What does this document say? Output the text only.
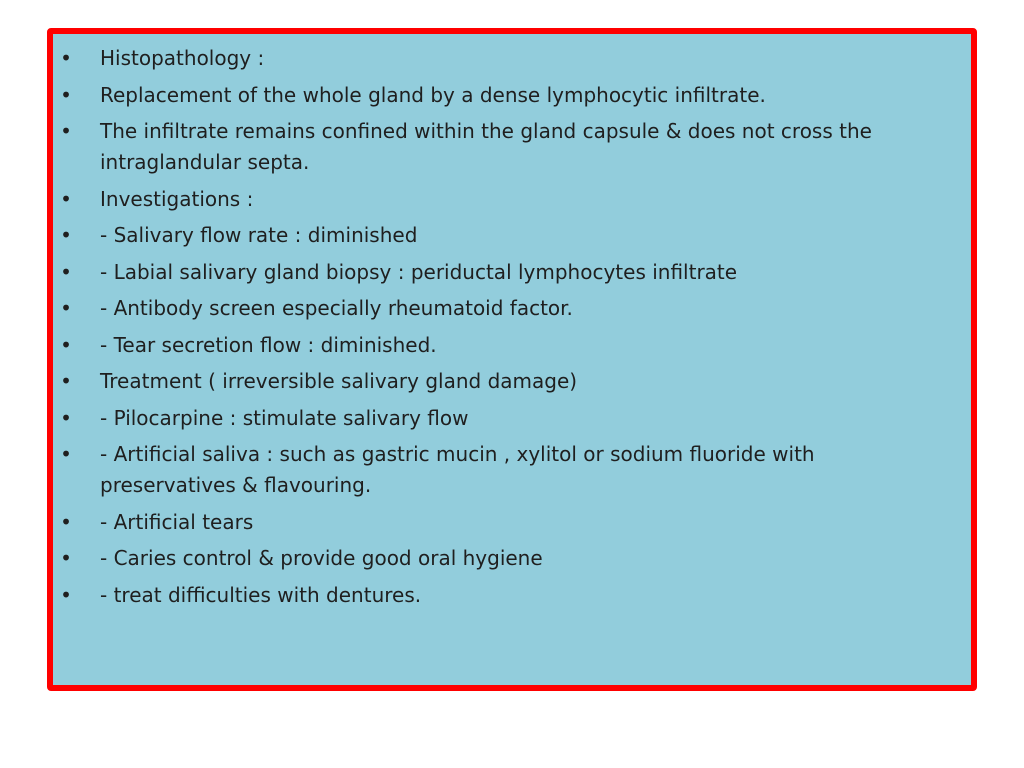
• Histopathology :
• Replacement of the whole gland by a dense lymphocytic infiltrate.
• The infiltrate remains confined within the gland capsule & does not cross the intraglandular septa.
• Investigations :
• - Salivary flow rate : diminished
• - Labial salivary gland biopsy : periductal lymphocytes infiltrate
• - Antibody screen especially rheumatoid factor.
• - Tear secretion flow : diminished.
• Treatment ( irreversible salivary gland damage)
• - Pilocarpine : stimulate salivary flow
• - Artificial saliva : such as gastric mucin , xylitol or sodium fluoride with preservatives & flavouring.
• - Artificial tears
• - Caries control & provide good oral hygiene
• - treat difficulties with dentures.
